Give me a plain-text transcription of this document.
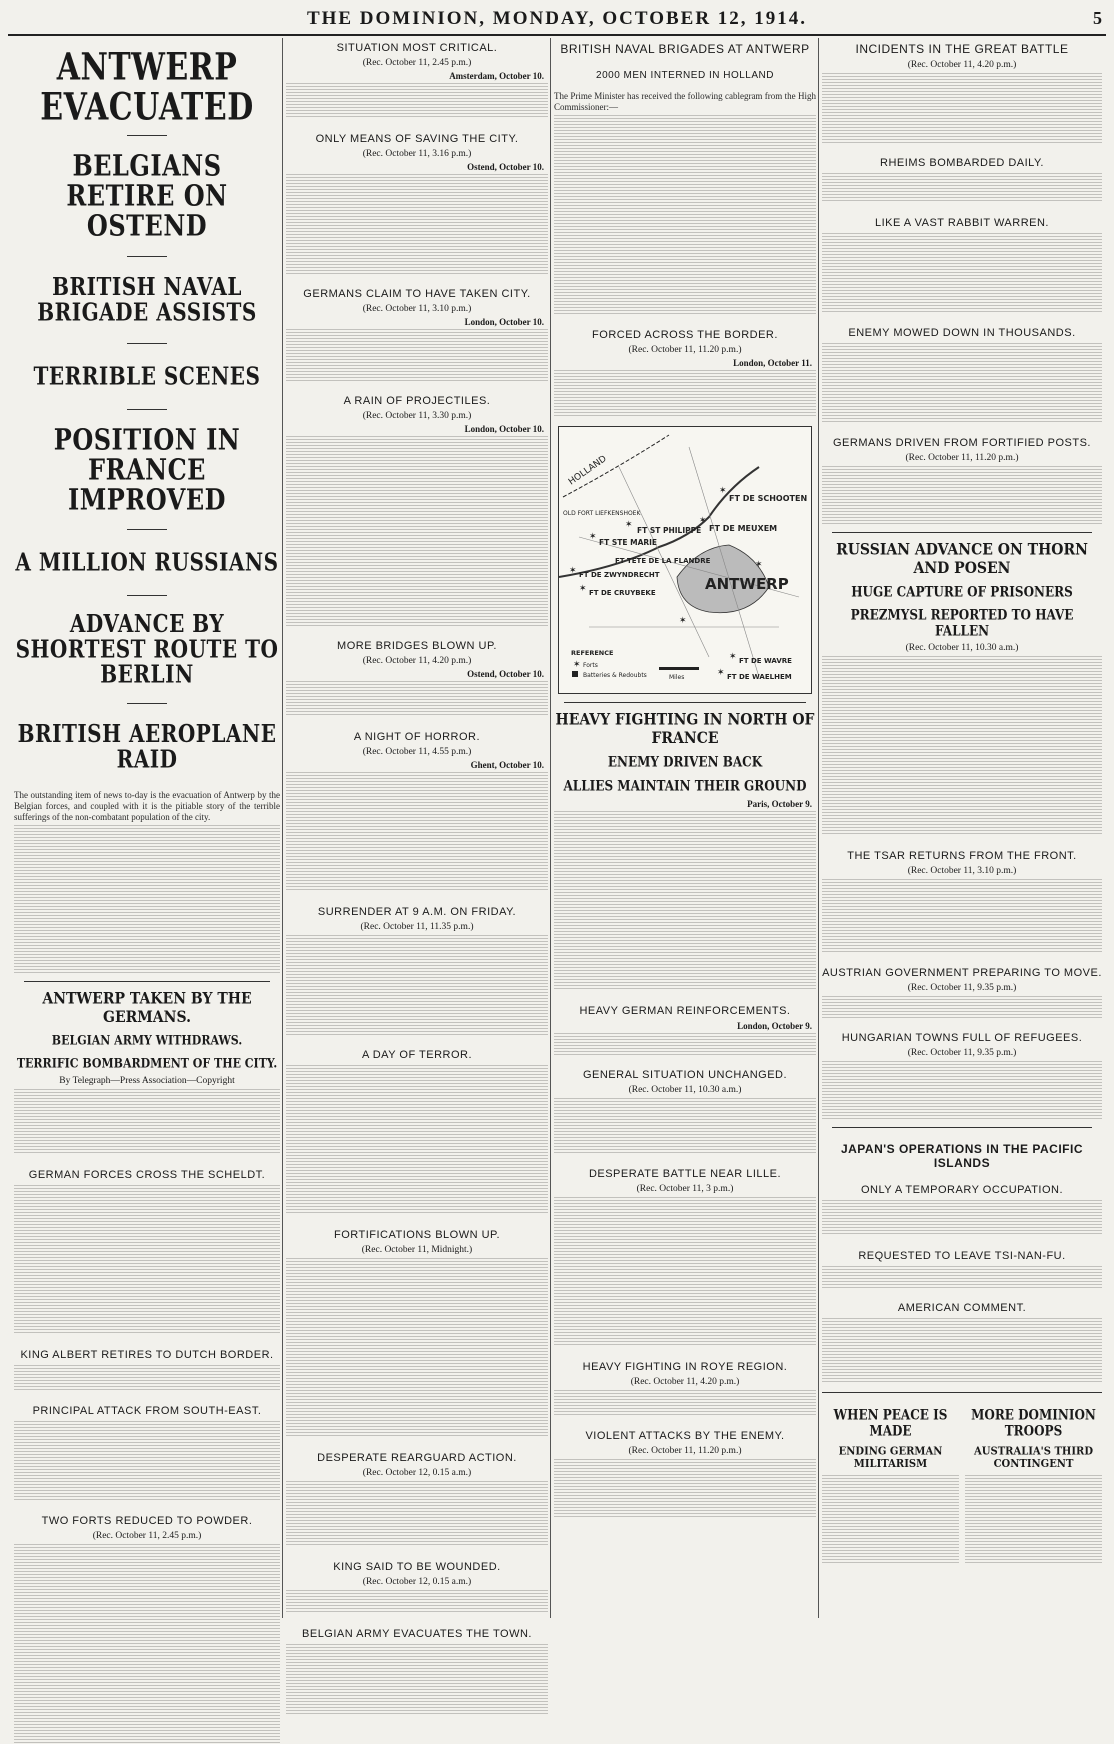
THE DOMINION, MONDAY, OCTOBER 12, 1914.	5
ANTWERP EVACUATED
BELGIANS RETIRE ON OSTEND
BRITISH NAVAL BRIGADE ASSISTS
TERRIBLE SCENES
POSITION IN FRANCE IMPROVED
A MILLION RUSSIANS
ADVANCE BY SHORTEST ROUTE TO BERLIN
BRITISH AEROPLANE RAID

The outstanding item of news to-day is the evacuation of Antwerp by the Belgian forces, and coupled with it is the pitiable story of the terrible sufferings of the non-combatant population of the city.

ANTWERP TAKEN BY THE GERMANS.
BELGIAN ARMY WITHDRAWS.
TERRIFIC BOMBARDMENT OF THE CITY.
By Telegraph—Press Association—Copyright
GERMAN FORCES CROSS THE SCHELDT.
KING ALBERT RETIRES TO DUTCH BORDER.
PRINCIPAL ATTACK FROM SOUTH-EAST.
TWO FORTS REDUCED TO POWDER.
(Rec. October 11, 2.45 p.m.)
SITUATION MOST CRITICAL.
(Rec. October 11, 2.45 p.m.)
Amsterdam, October 10.
ONLY MEANS OF SAVING THE CITY.
(Rec. October 11, 3.16 p.m.)
Ostend, October 10.
GERMANS CLAIM TO HAVE TAKEN CITY.
(Rec. October 11, 3.10 p.m.)
London, October 10.
A RAIN OF PROJECTILES.
(Rec. October 11, 3.30 p.m.)
London, October 10.
MORE BRIDGES BLOWN UP.
(Rec. October 11, 4.20 p.m.)
Ostend, October 10.
A NIGHT OF HORROR.
(Rec. October 11, 4.55 p.m.)
Ghent, October 10.
SURRENDER AT 9 A.M. ON FRIDAY.
(Rec. October 11, 11.35 p.m.)
A DAY OF TERROR.
FORTIFICATIONS BLOWN UP.
(Rec. October 11, Midnight.)
DESPERATE REARGUARD ACTION.
(Rec. October 12, 0.15 a.m.)
KING SAID TO BE WOUNDED.
(Rec. October 12, 0.15 a.m.)
BELGIAN ARMY EVACUATES THE TOWN.
BRITISH NAVAL BRIGADES AT ANTWERP
2000 MEN INTERNED IN HOLLAND

The Prime Minister has received the following cablegram from the High Commissioner:—

FORCED ACROSS THE BORDER.
(Rec. October 11, 11.20 p.m.)
London, October 11.
ANTWERP
HOLLAND
FT DE SCHOOTEN
FT DE MEUXEM
FT STE MARIE
FT ST PHILIPPE
FT TETE DE LA FLANDRE
FT DE ZWYNDRECHT
FT DE CRUYBEKE
FT DE WAVRE
FT DE WAELHEM
OLD FORT LIEFKENSHOEK
REFERENCE
Forts
Batteries & Redoubts	Miles
✶
✶
✶
✶
✶
✶
✶
✶
✶
✶
✶
HEAVY FIGHTING IN NORTH OF FRANCE
ENEMY DRIVEN BACK
ALLIES MAINTAIN THEIR GROUND
Paris, October 9.
HEAVY GERMAN REINFORCEMENTS.
London, October 9.
GENERAL SITUATION UNCHANGED.
(Rec. October 11, 10.30 a.m.)
DESPERATE BATTLE NEAR LILLE.
(Rec. October 11, 3 p.m.)
HEAVY FIGHTING IN ROYE REGION.
(Rec. October 11, 4.20 p.m.)
VIOLENT ATTACKS BY THE ENEMY.
(Rec. October 11, 11.20 p.m.)
INCIDENTS IN THE GREAT BATTLE
(Rec. October 11, 4.20 p.m.)
RHEIMS BOMBARDED DAILY.
LIKE A VAST RABBIT WARREN.
ENEMY MOWED DOWN IN THOUSANDS.
GERMANS DRIVEN FROM FORTIFIED POSTS.
(Rec. October 11, 11.20 p.m.)
RUSSIAN ADVANCE ON THORN AND POSEN
HUGE CAPTURE OF PRISONERS
PREZMYSL REPORTED TO HAVE FALLEN
(Rec. October 11, 10.30 a.m.)
THE TSAR RETURNS FROM THE FRONT.
(Rec. October 11, 3.10 p.m.)
AUSTRIAN GOVERNMENT PREPARING TO MOVE.
(Rec. October 11, 9.35 p.m.)
HUNGARIAN TOWNS FULL OF REFUGEES.
(Rec. October 11, 9.35 p.m.)
JAPAN'S OPERATIONS IN THE PACIFIC ISLANDS
ONLY A TEMPORARY OCCUPATION.
REQUESTED TO LEAVE TSI-NAN-FU.
AMERICAN COMMENT.
WHEN PEACE IS MADE
ENDING GERMAN MILITARISM
MORE DOMINION TROOPS
AUSTRALIA'S THIRD CONTINGENT
